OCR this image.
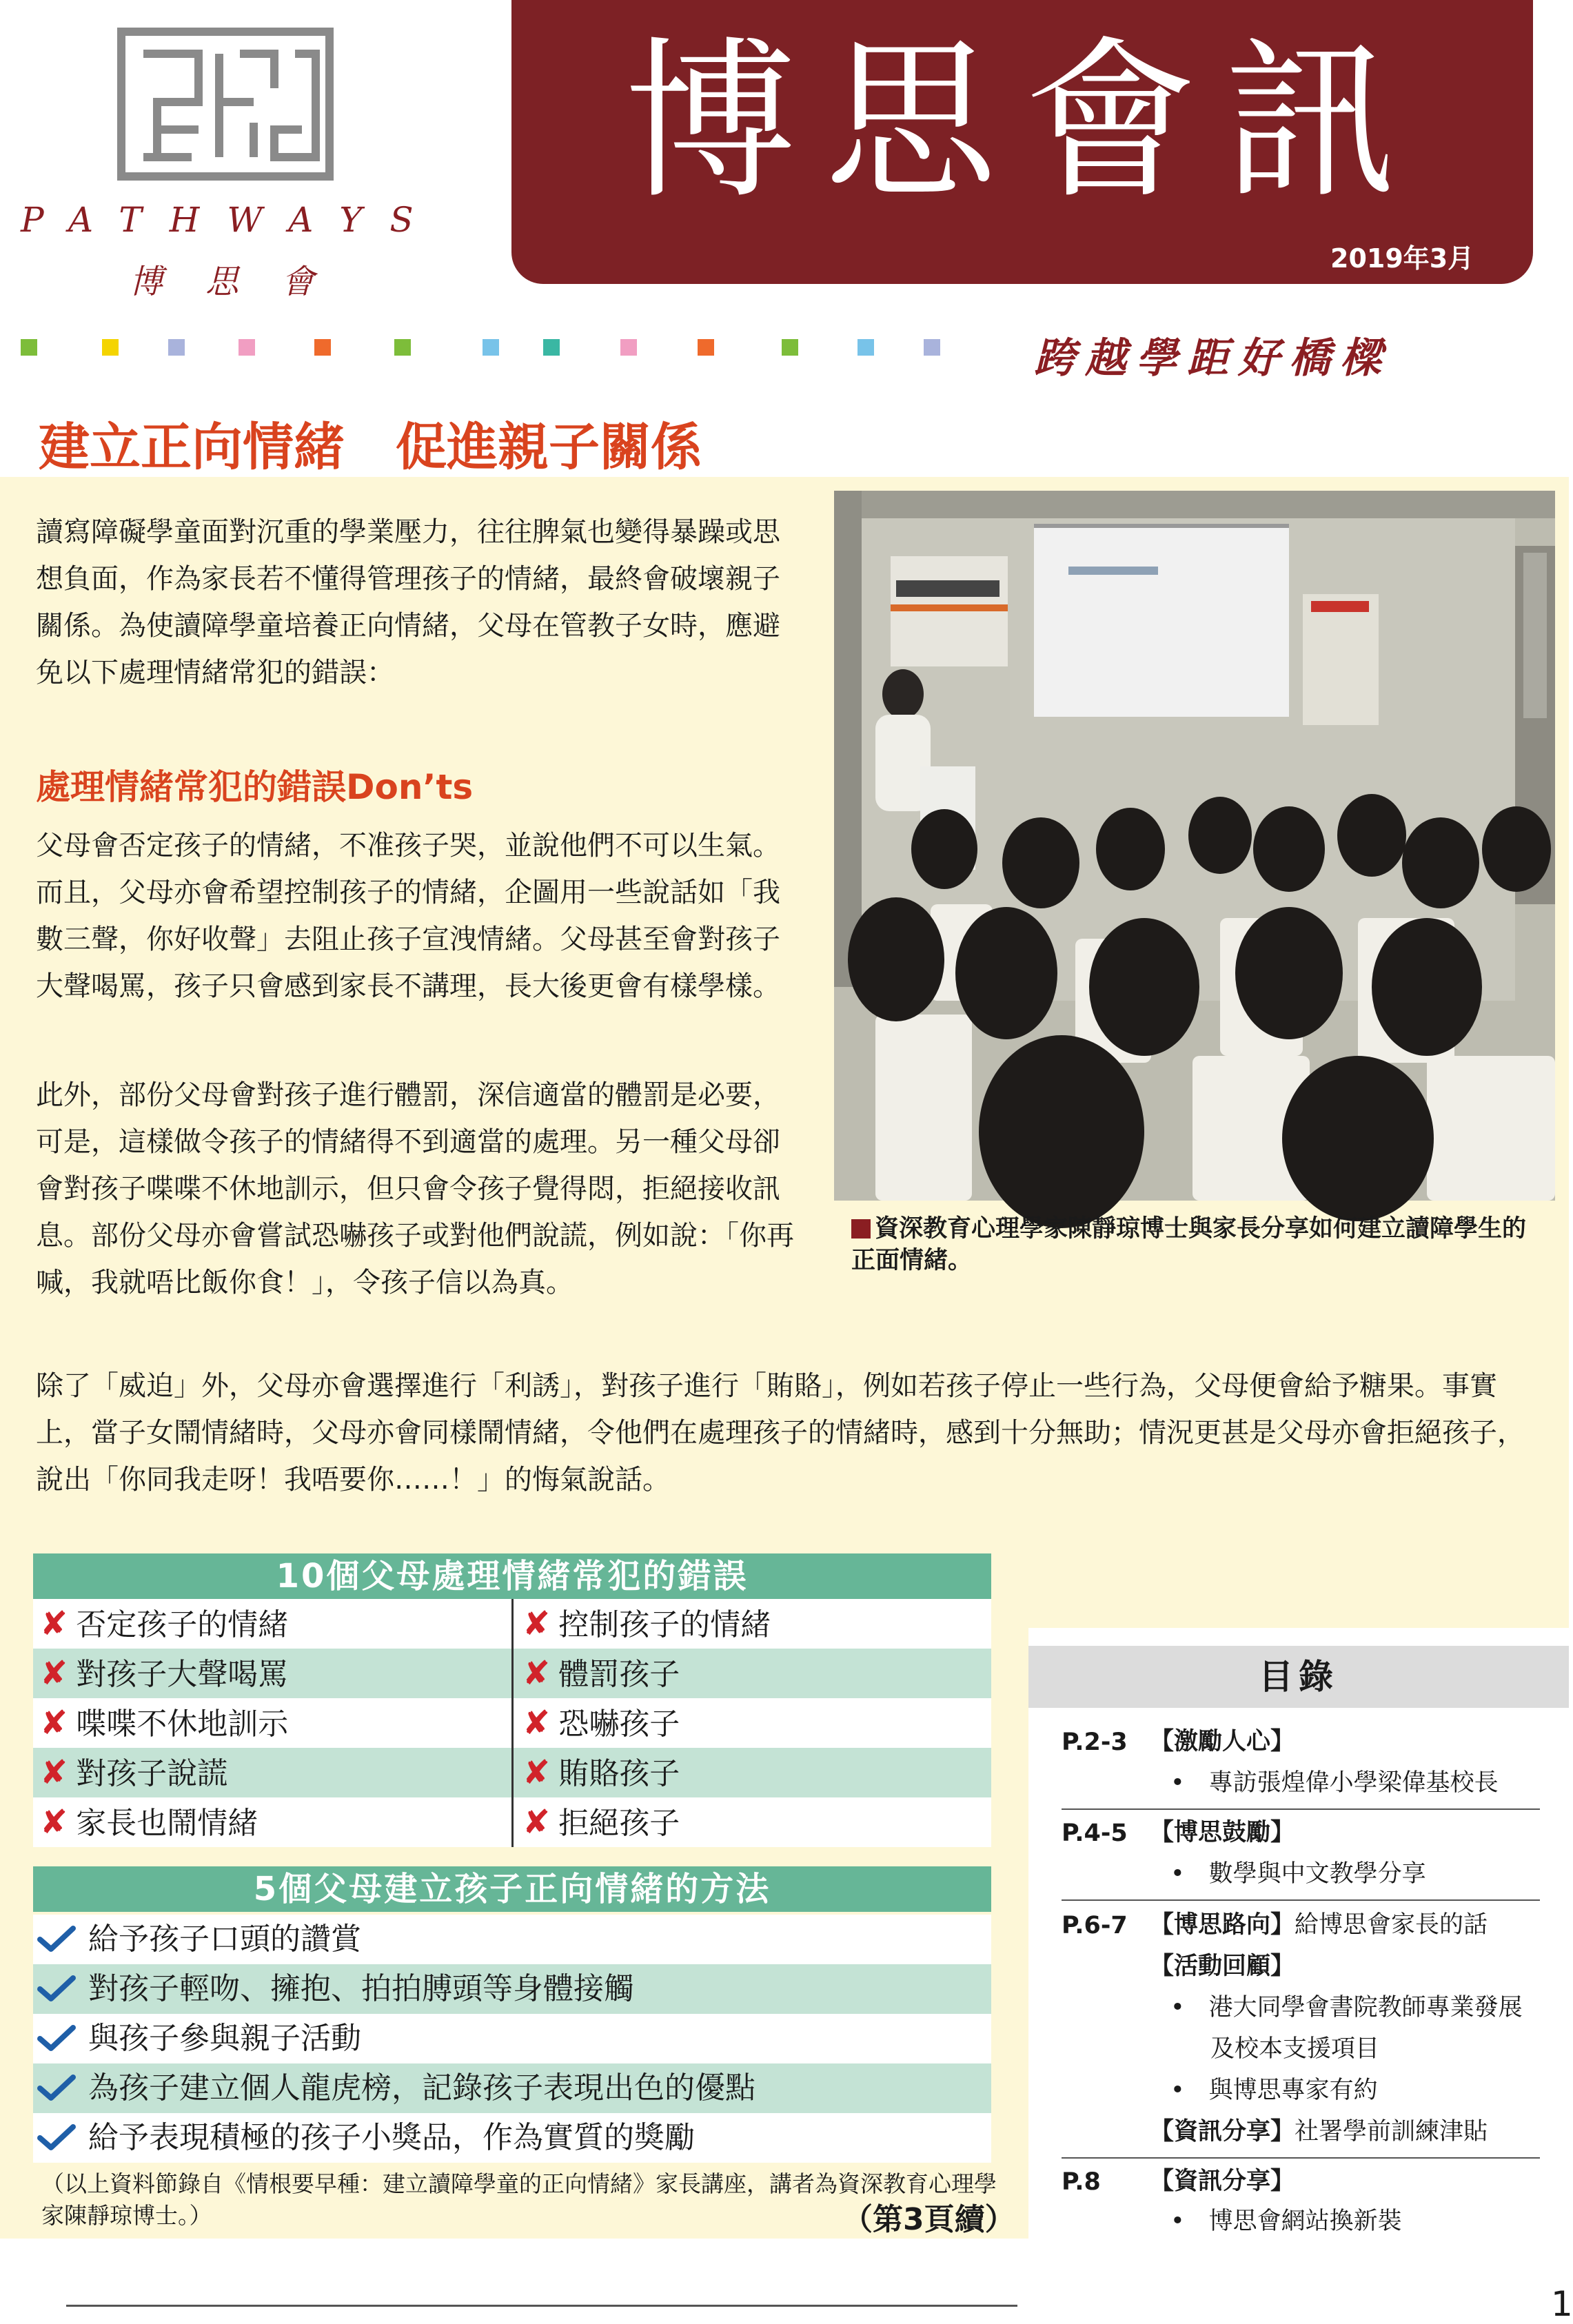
PATHWAYS
博思會
博思會訊
2019年3月
跨越學距好橋樑
建立正向情緒　促進親子關係
讀寫障礙學童面對沉重的學業壓力，往往脾氣也變得暴躁或思想負面，作為家長若不懂得管理孩子的情緒，最終會破壞親子關係。為使讀障學童培養正向情緒，父母在管教子女時，應避免以下處理情緒常犯的錯誤：
處理情緒常犯的錯誤Don’ts
父母會否定孩子的情緒，不准孩子哭，並說他們不可以生氣。而且，父母亦會希望控制孩子的情緒，企圖用一些說話如「我數三聲，你好收聲」去阻止孩子宣洩情緒。父母甚至會對孩子大聲喝罵，孩子只會感到家長不講理，長大後更會有樣學樣。
此外，部份父母會對孩子進行體罰，深信適當的體罰是必要，可是，這樣做令孩子的情緒得不到適當的處理。另一種父母卻會對孩子喋喋不休地訓示，但只會令孩子覺得悶，拒絕接收訊息。部份父母亦會嘗試恐嚇孩子或對他們說謊，例如說：「你再喊，我就唔比飯你食！」，令孩子信以為真。
資深教育心理學家陳靜琼博士與家長分享如何建立讀障學生的正面情緒。
除了「威迫」外，父母亦會選擇進行「利誘」，對孩子進行「賄賂」，例如若孩子停止一些行為，父母便會給予糖果。事實上，當子女鬧情緒時，父母亦會同樣鬧情緒，令他們在處理孩子的情緒時，感到十分無助；情況更甚是父母亦會拒絕孩子，說出「你同我走呀！我唔要你……！」的悔氣說話。
10個父母處理情緒常犯的錯誤
✘ 否定孩子的情緒	✘ 控制孩子的情緒
✘ 對孩子大聲喝罵	✘ 體罰孩子
✘ 喋喋不休地訓示	✘ 恐嚇孩子
✘ 對孩子說謊	✘ 賄賂孩子
✘ 家長也鬧情緒	✘ 拒絕孩子
5個父母建立孩子正向情緒的方法
給予孩子口頭的讚賞
對孩子輕吻、擁抱、拍拍膊頭等身體接觸
與孩子參與親子活動
為孩子建立個人龍虎榜，記錄孩子表現出色的優點
給予表現積極的孩子小獎品，作為實質的獎勵
（以上資料節錄自《情根要早種：建立讀障學童的正向情緒》家長講座，講者為資深教育心理學家陳靜琼博士。）	（第3頁續）
目錄
P.2-3 【激勵人心】
•　專訪張煌偉小學梁偉基校長
P.4-5 【博思鼓勵】
•　數學與中文教學分享
P.6-7 【博思路向】給博思會家長的話
【活動回顧】
•　港大同學會書院教師專業發展
及校本支援項目
•　與博思專家有約
【資訊分享】社署學前訓練津貼
P.8 【資訊分享】
•　博思會網站換新裝
1
